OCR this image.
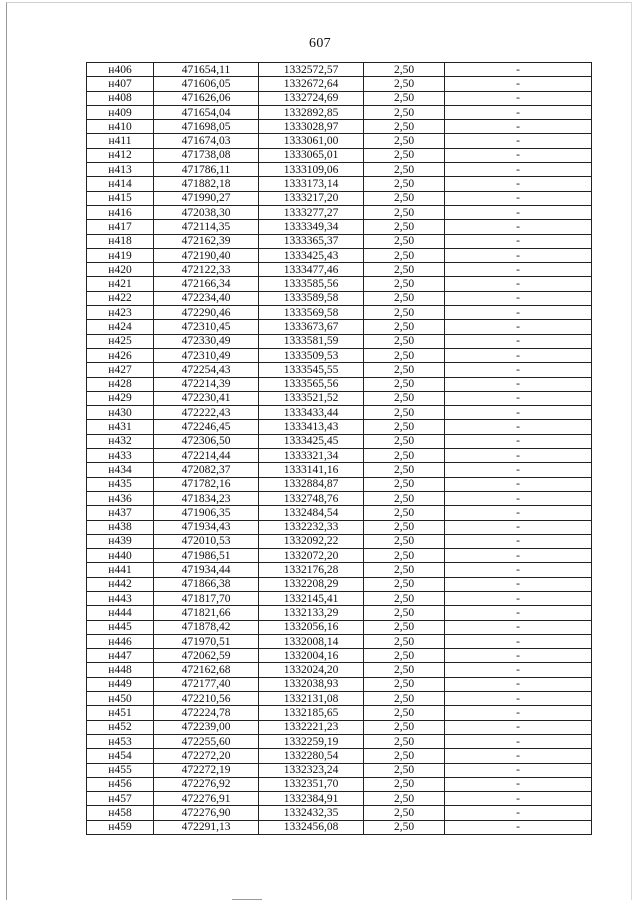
607
н406	471654,11	1332572,57	2,50	-
н407	471606,05	1332672,64	2,50	-
н408	471626,06	1332724,69	2,50	-
н409	471654,04	1332892,85	2,50	-
н410	471698,05	1333028,97	2,50	-
н411	471674,03	1333061,00	2,50	-
н412	471738,08	1333065,01	2,50	-
н413	471786,11	1333109,06	2,50	-
н414	471882,18	1333173,14	2,50	-
н415	471990,27	1333217,20	2,50	-
н416	472038,30	1333277,27	2,50	-
н417	472114,35	1333349,34	2,50	-
н418	472162,39	1333365,37	2,50	-
н419	472190,40	1333425,43	2,50	-
н420	472122,33	1333477,46	2,50	-
н421	472166,34	1333585,56	2,50	-
н422	472234,40	1333589,58	2,50	-
н423	472290,46	1333569,58	2,50	-
н424	472310,45	1333673,67	2,50	-
н425	472330,49	1333581,59	2,50	-
н426	472310,49	1333509,53	2,50	-
н427	472254,43	1333545,55	2,50	-
н428	472214,39	1333565,56	2,50	-
н429	472230,41	1333521,52	2,50	-
н430	472222,43	1333433,44	2,50	-
н431	472246,45	1333413,43	2,50	-
н432	472306,50	1333425,45	2,50	-
н433	472214,44	1333321,34	2,50	-
н434	472082,37	1333141,16	2,50	-
н435	471782,16	1332884,87	2,50	-
н436	471834,23	1332748,76	2,50	-
н437	471906,35	1332484,54	2,50	-
н438	471934,43	1332232,33	2,50	-
н439	472010,53	1332092,22	2,50	-
н440	471986,51	1332072,20	2,50	-
н441	471934,44	1332176,28	2,50	-
н442	471866,38	1332208,29	2,50	-
н443	471817,70	1332145,41	2,50	-
н444	471821,66	1332133,29	2,50	-
н445	471878,42	1332056,16	2,50	-
н446	471970,51	1332008,14	2,50	-
н447	472062,59	1332004,16	2,50	-
н448	472162,68	1332024,20	2,50	-
н449	472177,40	1332038,93	2,50	-
н450	472210,56	1332131,08	2,50	-
н451	472224,78	1332185,65	2,50	-
н452	472239,00	1332221,23	2,50	-
н453	472255,60	1332259,19	2,50	-
н454	472272,20	1332280,54	2,50	-
н455	472272,19	1332323,24	2,50	-
н456	472276,92	1332351,70	2,50	-
н457	472276,91	1332384,91	2,50	-
н458	472276,90	1332432,35	2,50	-
н459	472291,13	1332456,08	2,50	-
